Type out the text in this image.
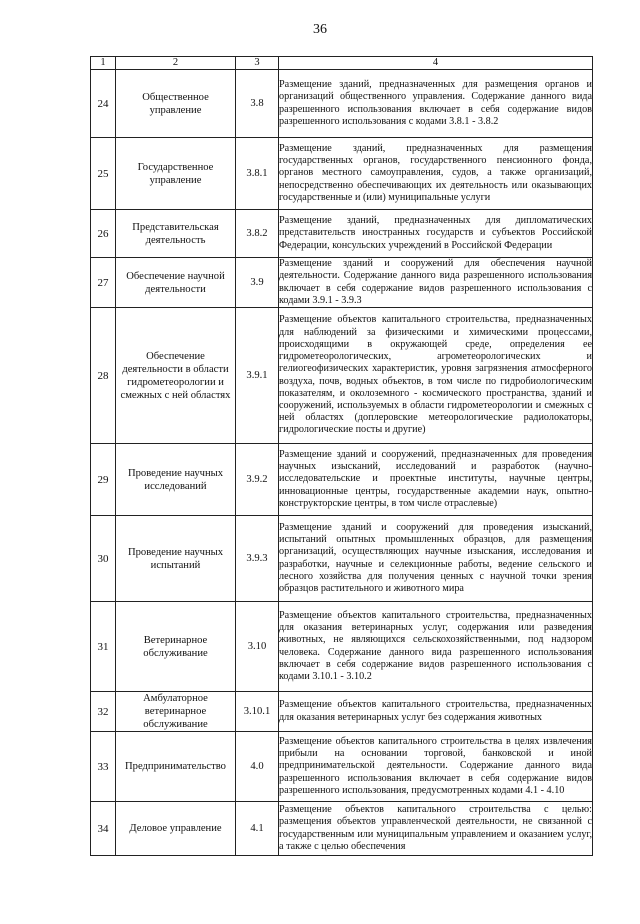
36
1	2	3	4
24	Общественное управление	3.8	Размещение зданий, предназначенных для размещения органов и организаций общественного управления. Содержание данного вида разрешенного использования включает в себя содержание видов разрешенного использования с кодами 3.8.1 - 3.8.2
25	Государственное управление	3.8.1	Размещение зданий, предназначенных для размещения государственных органов, государственного пенсионного фонда, органов местного самоуправления, судов, а также организаций, непосредственно обеспечивающих их деятельность или оказывающих государственные и (или) муниципальные услуги
26	Представительская деятельность	3.8.2	Размещение зданий, предназначенных для дипломатических представительств иностранных государств и субъектов Российской Федерации, консульских учреждений в Российской Федерации
27	Обеспечение научной деятельности	3.9	Размещение зданий и сооружений для обеспечения научной деятельности. Содержание данного вида разрешенного использования включает в себя содержание видов разрешенного использования с кодами 3.9.1 - 3.9.3
28	Обеспечение деятельности в области гидрометеорологии и смежных с ней областях	3.9.1	Размещение объектов капитального строительства, предназначенных для наблюдений за физическими и химическими процессами, происходящими в окружающей среде, определения ее гидрометеорологических, агрометеорологических и гелиогеофизических характеристик, уровня загрязнения атмосферного воздуха, почв, водных объектов, в том числе по гидробиологическим показателям, и околоземного - космического пространства, зданий и сооружений, используемых в области гидрометеорологии и смежных с ней областях (доплеровские метеорологические радиолокаторы, гидрологические посты и другие)
29	Проведение научных исследований	3.9.2	Размещение зданий и сооружений, предназначенных для проведения научных изысканий, исследований и разработок (научно-исследовательские и проектные институты, научные центры, инновационные центры, государственные академии наук, опытно-конструкторские центры, в том числе отраслевые)
30	Проведение научных испытаний	3.9.3	Размещение зданий и сооружений для проведения изысканий, испытаний опытных промышленных образцов, для размещения организаций, осуществляющих научные изыскания, исследования и разработки, научные и селекционные работы, ведение сельского и лесного хозяйства для получения ценных с научной точки зрения образцов растительного и животного мира
31	Ветеринарное обслуживание	3.10	Размещение объектов капитального строительства, предназначенных для оказания ветеринарных услуг, содержания или разведения животных, не являющихся сельскохозяйственными, под надзором человека. Содержание данного вида разрешенного использования включает в себя содержание видов разрешенного использования с кодами 3.10.1 - 3.10.2
32	Амбулаторное ветеринарное обслуживание	3.10.1	Размещение объектов капитального строительства, предназначенных для оказания ветеринарных услуг без содержания животных
33	Предпринимательство	4.0	Размещение объектов капитального строительства в целях извлечения прибыли на основании торговой, банковской и иной предпринимательской деятельности. Содержание данного вида разрешенного использования включает в себя содержание видов разрешенного использования, предусмотренных кодами 4.1 - 4.10
34	Деловое управление	4.1	Размещение объектов капитального строительства с целью: размещения объектов управленческой деятельности, не связанной с государственным или муниципальным управлением и оказанием услуг, а также с целью обеспечения
